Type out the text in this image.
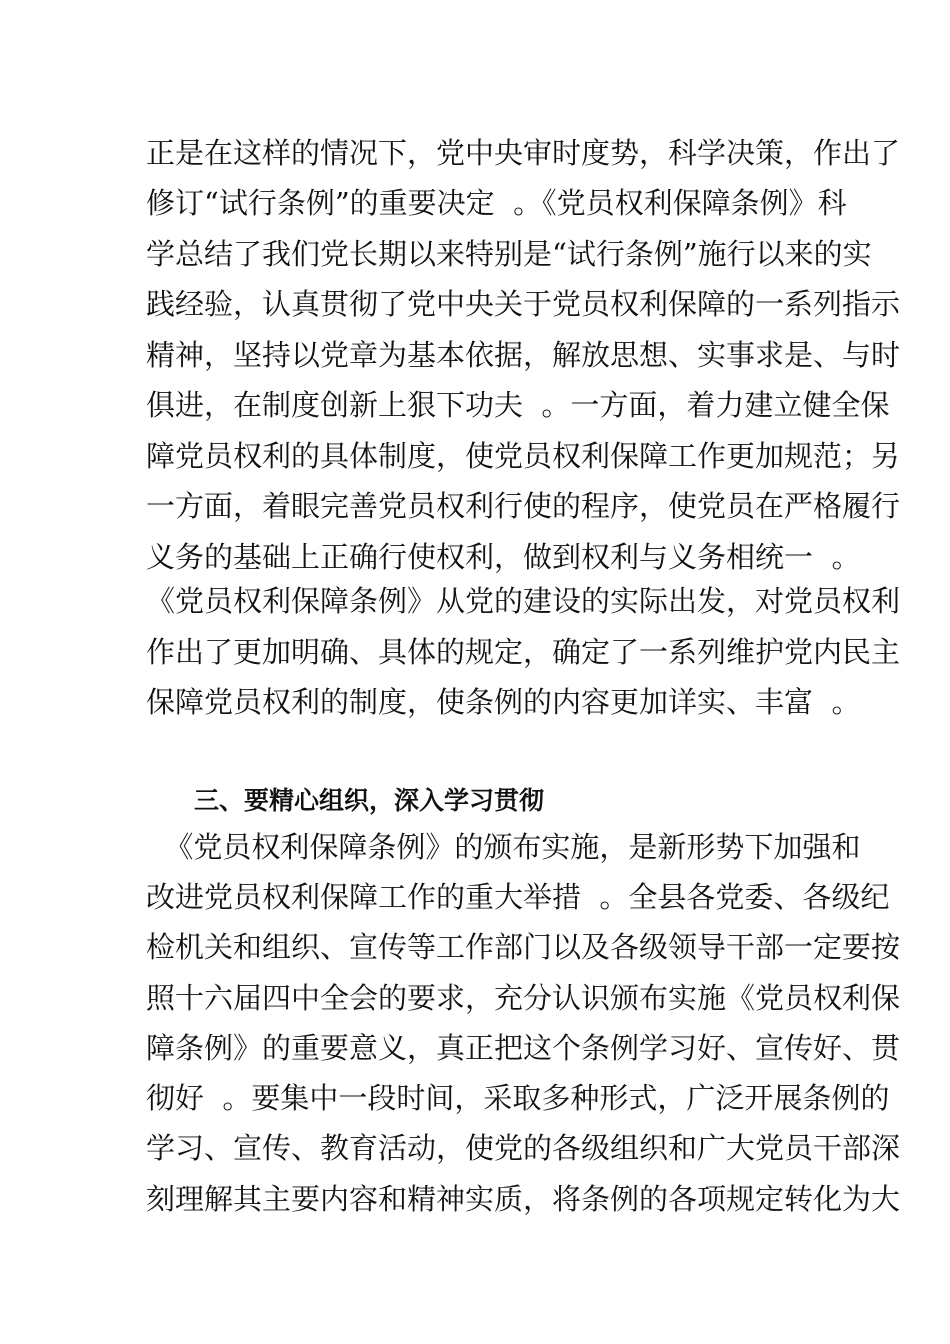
正是在这样的情况下，党中央审时度势，科学决策，作出了
修订“试行条例”的重要决定  。《党员权利保障条例》科
学总结了我们党长期以来特别是“试行条例”施行以来的实
践经验，认真贯彻了党中央关于党员权利保障的一系列指示
精神，坚持以党章为基本依据，解放思想、实事求是、与时
俱进，在制度创新上狠下功夫  。一方面，着力建立健全保
障党员权利的具体制度，使党员权利保障工作更加规范；另
一方面，着眼完善党员权利行使的程序，使党员在严格履行
义务的基础上正确行使权利，做到权利与义务相统一  。
《党员权利保障条例》从党的建设的实际出发，对党员权利
作出了更加明确、具体的规定，确定了一系列维护党内民主
保障党员权利的制度，使条例的内容更加详实、丰富  。
三、要精心组织，深入学习贯彻
《党员权利保障条例》的颁布实施，是新形势下加强和
改进党员权利保障工作的重大举措  。全县各党委、各级纪
检机关和组织、宣传等工作部门以及各级领导干部一定要按
照十六届四中全会的要求，充分认识颁布实施《党员权利保
障条例》的重要意义，真正把这个条例学习好、宣传好、贯
彻好  。要集中一段时间，采取多种形式，广泛开展条例的
学习、宣传、教育活动，使党的各级组织和广大党员干部深
刻理解其主要内容和精神实质，将条例的各项规定转化为大
